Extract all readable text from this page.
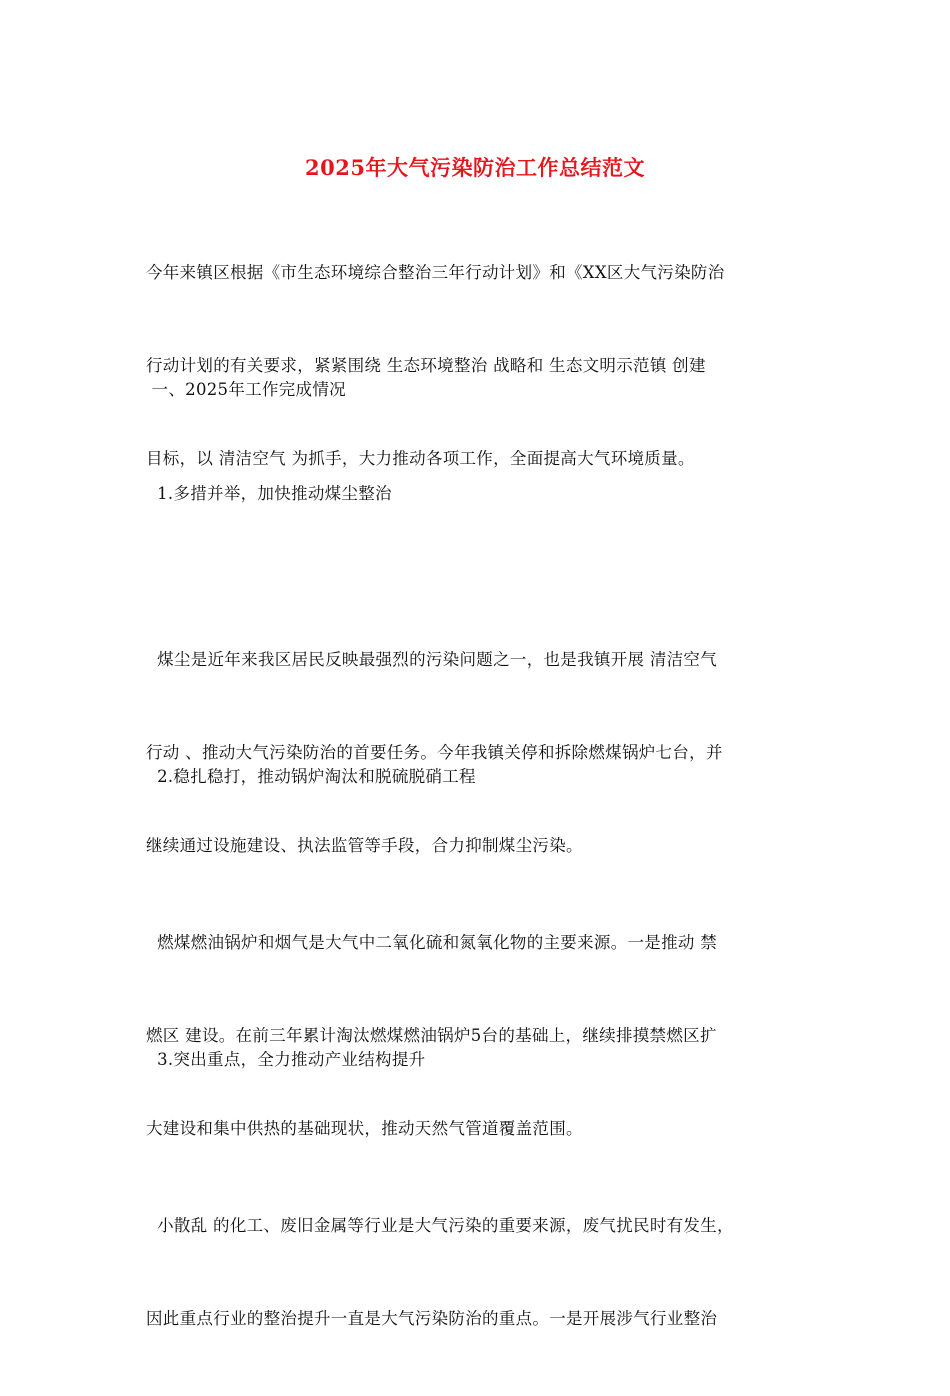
2025年大气污染防治工作总结范文

今年来镇区根据《市生态环境综合整治三年行动计划》和《XX区大气污染防治

行动计划的有关要求，紧紧围绕 生态环境整治 战略和 生态文明示范镇 创建

目标，以 清洁空气 为抓手，大力推动各项工作，全面提高大气环境质量。

一、2025年工作完成情况
1.多措并举，加快推动煤尘整治

煤尘是近年来我区居民反映最强烈的污染问题之一，也是我镇开展 清洁空气

行动 、推动大气污染防治的首要任务。今年我镇关停和拆除燃煤锅炉七台，并

继续通过设施建设、执法监管等手段，合力抑制煤尘污染。

2.稳扎稳打，推动锅炉淘汰和脱硫脱硝工程

燃煤燃油锅炉和烟气是大气中二氧化硫和氮氧化物的主要来源。一是推动 禁

燃区 建设。在前三年累计淘汰燃煤燃油锅炉5台的基础上，继续排摸禁燃区扩

大建设和集中供热的基础现状，推动天然气管道覆盖范围。

3.突出重点，全力推动产业结构提升

小散乱 的化工、废旧金属等行业是大气污染的重要来源，废气扰民时有发生，

因此重点行业的整治提升一直是大气污染防治的重点。一是开展涉气行业整治
